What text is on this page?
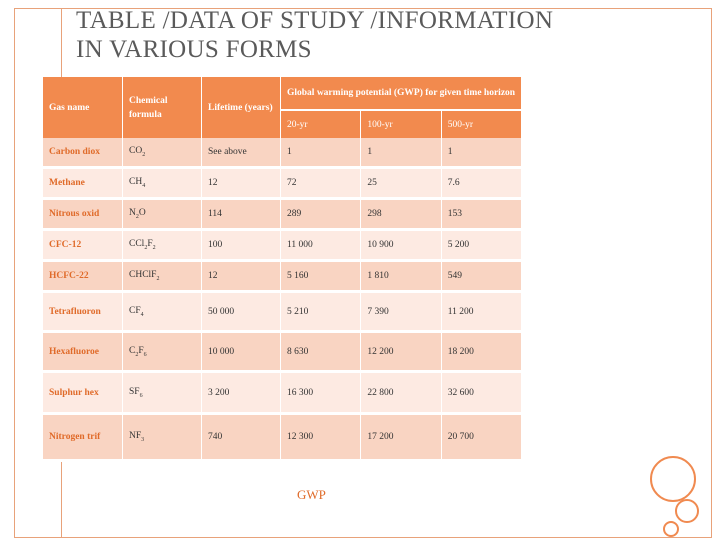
TABLE /DATA OF STUDY /INFORMATION
IN VARIOUS FORMS
Gas name	Chemical formula	Lifetime (years)	Global warming potential (GWP) for given time horizon		
			20-yr	100-yr	500-yr
Carbon diox	$CO_2$	See above	1	1	1
Methane	$CH_4$	12	72	25	7.6
Nitrous oxid	$N_2O$	114	289	298	153
CFC-12	$CCl_2F_2$	100	11 000	10 900	5 200
HCFC-22	CHClF$_2$	12	5 160	1 810	549
Tetrafluoron	$CF_4$	50 000	5 210	7 390	11 200
Hexafluoroe	$C_2F_6$	10 000	8 630	12 200	18 200
Sulphur hex	$SF_6$	3 200	16 300	22 800	32 600
Nitrogen trif	$NF_3$	740	12 300	17 200	20 700
GWP
